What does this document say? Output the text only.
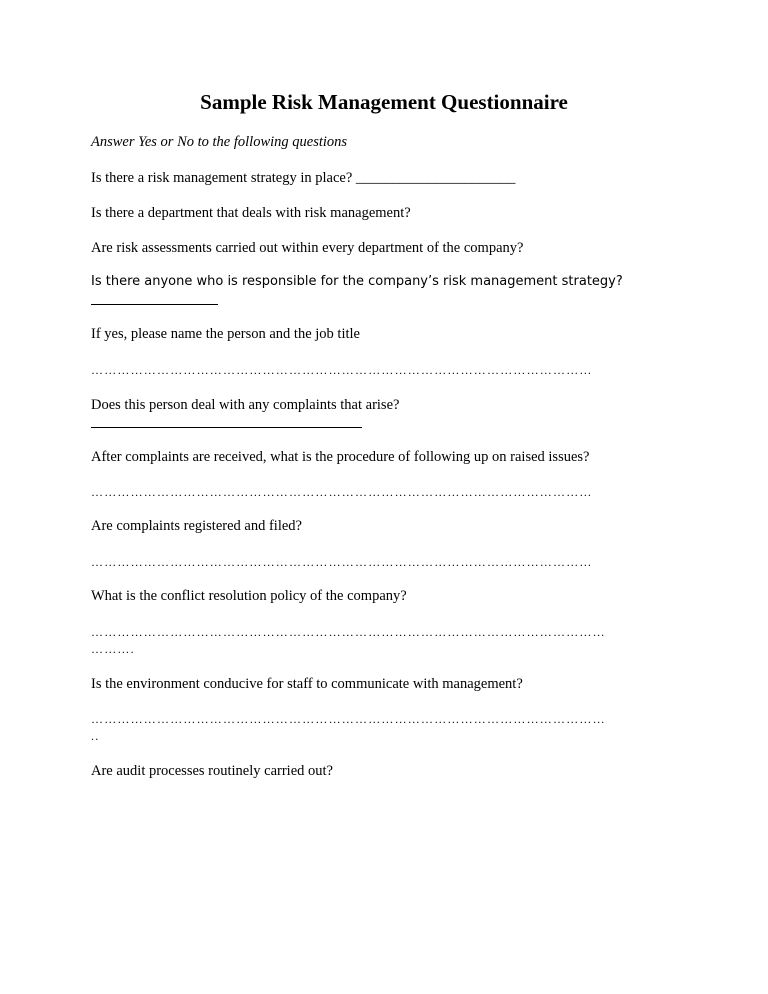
Sample Risk Management Questionnaire
Answer Yes or No to the following questions
Is there a risk management strategy in place? ______________________
Is there a department that deals with risk management?
Are risk assessments carried out within every department of the company?
Is there anyone who is responsible for the company’s risk management strategy?
If yes, please name the person and the job title
……………………………………………………………………………………………………
Does this person deal with any complaints that arise?
After complaints are received, what is the procedure of following up on raised issues?
……………………………………………………………………………………………………
Are complaints registered and filed?
……………………………………………………………………………………………………
What is the conflict resolution policy of the company?
………………………………………………………………………………………………………
……….
Is the environment conducive for staff to communicate with management?
………………………………………………………………………………………………………
..
Are audit processes routinely carried out?
